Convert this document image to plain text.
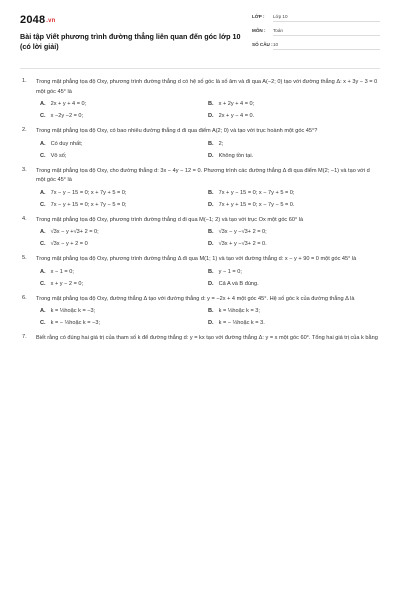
2048.vn
Bài tập Viết phương trình đường thẳng liên quan đến góc lớp 10 (có lời giải)
LỚP : Lớp 10
MÔN : Toán
SỐ CÂU : 10
1. Trong mặt phẳng tọa độ Oxy, phương trình đường thẳng d có hệ số góc là số âm và đi qua A(−2; 0) tạo với đường thẳng Δ: x + 3y − 3 = 0 một góc 45° là
A. 2x + y + 4 = 0;	B. x + 2y + 4 = 0;
C. x −2y −2 = 0;	D. 2x + y − 4 = 0.
2. Trong mặt phẳng tọa độ Oxy, có bao nhiêu đường thẳng d đi qua điểm A(2; 0) và tạo với trục hoành một góc 45°?
A. Có duy nhất;	B. 2;
C. Vô số;	D. Không tồn tại.
3. Trong mặt phẳng tọa độ Oxy, cho đường thẳng d: 3x − 4y − 12 = 0. Phương trình các đường thẳng Δ đi qua điểm M(2; −1) và tạo với d một góc 45° là
A. 7x − y − 15 = 0; x + 7y + 5 = 0;	B. 7x + y − 15 = 0; x − 7y + 5 = 0;
C. 7x − y + 15 = 0; x + 7y − 5 = 0;	D. 7x + y + 15 = 0; x − 7y − 5 = 0.
4. Trong mặt phẳng tọa độ Oxy, phương trình đường thẳng d đi qua M(−1; 2) và tạo với trục Ox một góc 60° là
A. √3x − y +√3+ 2 = 0;	B. √3x − y −√3+ 2 = 0;
C. √3x − y + 2 = 0	D. √3x + y −√3+ 2 = 0.
5. Trong mặt phẳng tọa độ Oxy, phương trình đường thẳng Δ đi qua M(1; 1) và tạo với đường thẳng d: x − y + 90 = 0 một góc 45° là
A. x − 1 = 0;	B. y − 1 = 0;
C. x + y − 2 = 0;	D. Cả A và B đúng.
6. Trong mặt phẳng tọa độ Oxy, đường thẳng Δ tạo với đường thẳng d: y = −2x + 4 một góc 45°. Hệ số góc k của đường thẳng Δ là
A. k = ⅓hoặc k = −3;	B. k = ⅓hoặc k = 3;
C. k = − ⅓hoặc k = −3;	D. k = − ⅓hoặc k = 3.
7. Biết rằng có đúng hai giá trị của tham số k để đường thẳng d: y = kx tạo với đường thẳng Δ: y = x một góc 60°. Tổng hai giá trị của k bằng
